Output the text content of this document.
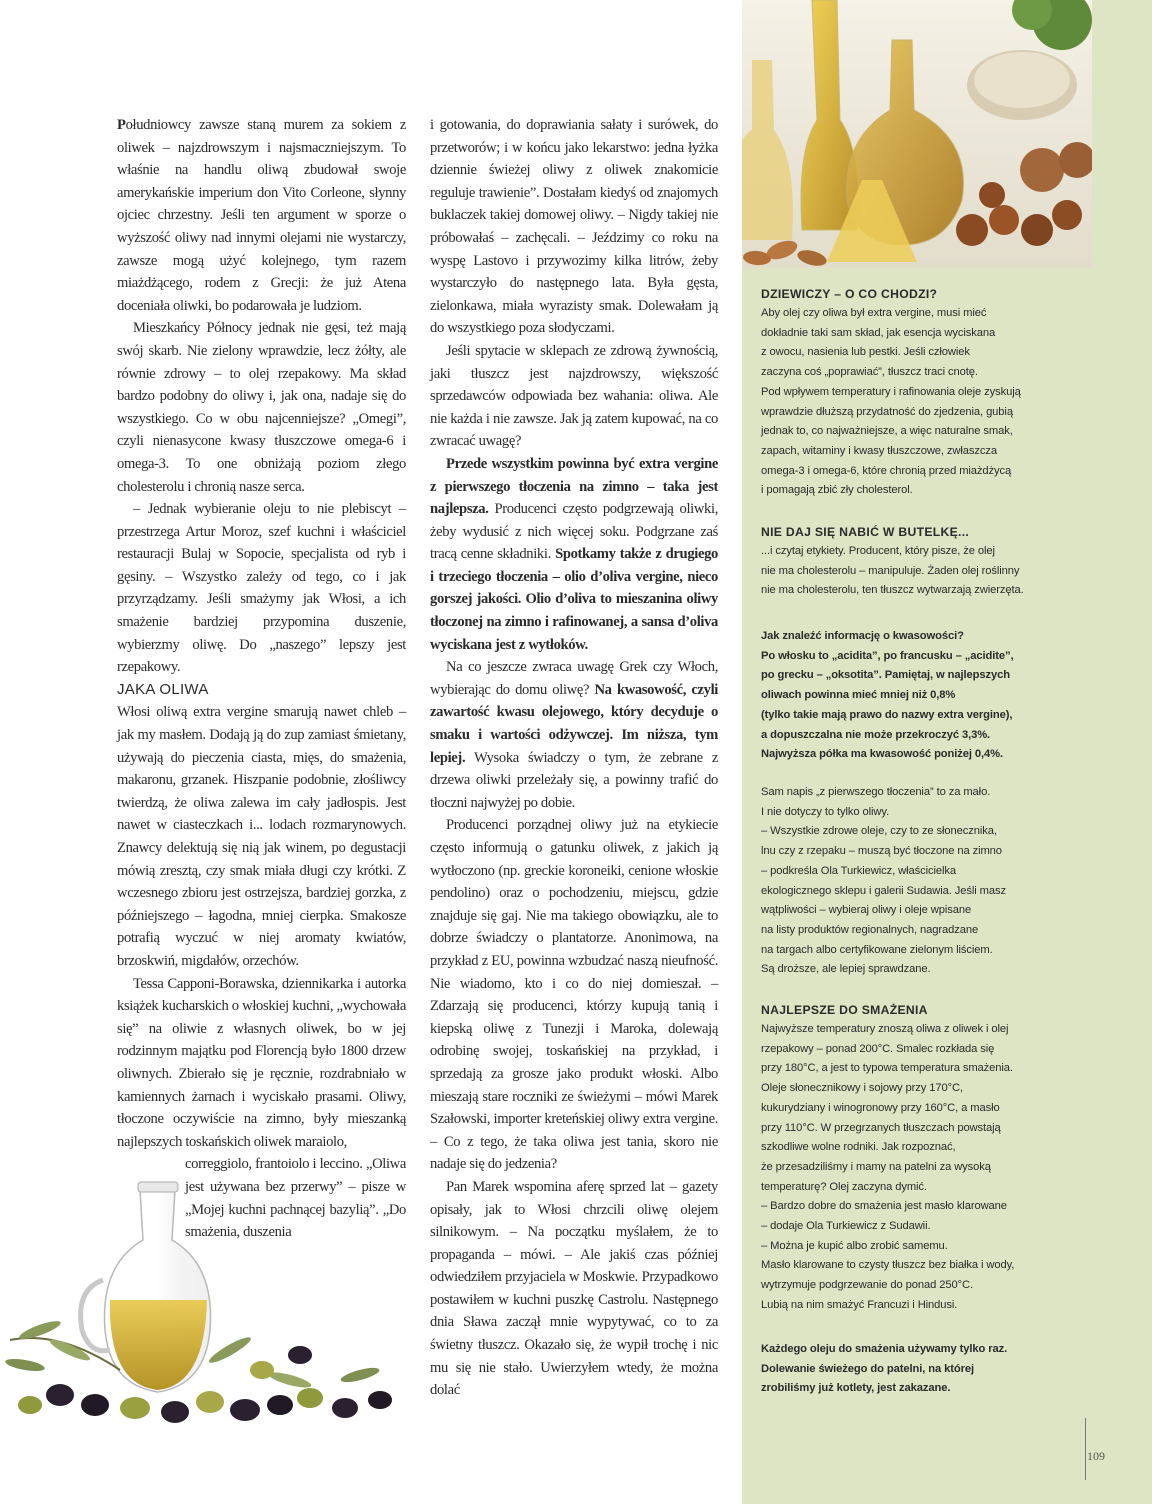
Południowcy zawsze staną murem za sokiem z oliwek – najzdrowszym i najsmaczniejszym. To właśnie na handlu oliwą zbudował swoje amerykańskie imperium don Vito Corleone, słynny ojciec chrzestny. Jeśli ten argument w sporze o wyższość oliwy nad innymi olejami nie wystarczy, zawsze mogą użyć kolejnego, tym razem miażdżącego, rodem z Grecji: że już Atena doceniała oliwki, bo podarowała je ludziom.

Mieszkańcy Północy jednak nie gęsi, też mają swój skarb. Nie zielony wprawdzie, lecz żółty, ale równie zdrowy – to olej rzepakowy. Ma skład bardzo podobny do oliwy i, jak ona, nadaje się do wszystkiego. Co w obu najcenniejsze? „Omegi”, czyli nienasycone kwasy tłuszczowe omega-6 i omega-3. To one obniżają poziom złego cholesterolu i chronią nasze serca.

– Jednak wybieranie oleju to nie plebiscyt – przestrzega Artur Moroz, szef kuchni i właściciel restauracji Bulaj w Sopocie, specjalista od ryb i gęsiny. – Wszystko zależy od tego, co i jak przyrządzamy. Jeśli smażymy jak Włosi, a ich smażenie bardziej przypomina duszenie, wybierzmy oliwę. Do „naszego” lepszy jest rzepakowy.

JAKA OLIWA

Włosi oliwą extra vergine smarują nawet chleb – jak my masłem. Dodają ją do zup zamiast śmietany, używają do pieczenia ciasta, mięs, do smażenia, makaronu, grzanek. Hiszpanie podobnie, złośliwcy twierdzą, że oliwa zalewa im cały jadłospis. Jest nawet w ciasteczkach i... lodach rozmarynowych. Znawcy delektują się nią jak winem, po degustacji mówią zresztą, czy smak miała długi czy krótki. Z wczesnego zbioru jest ostrzejsza, bardziej gorzka, z późniejszego – łagodna, mniej cierpka. Smakosze potrafią wyczuć w niej aromaty kwiatów, brzoskwiń, migdałów, orzechów.

Tessa Capponi-Borawska, dziennikarka i autorka książek kucharskich o włoskiej kuchni, „wychowała się” na oliwie z własnych oliwek, bo w jej rodzinnym majątku pod Florencją było 1800 drzew oliwnych. Zbierało się je ręcznie, rozdrabniało w kamiennych żarnach i wyciskało prasami. Oliwy, tłoczone oczywiście na zimno, były mieszanką najlepszych toskańskich oliwek maraiolo,

correggiolo, frantoiolo i leccino. „Oliwa jest używana bez przerwy” – pisze w „Mojej kuchni pachnącej bazylią”. „Do smażenia, duszenia

i gotowania, do doprawiania sałaty i surówek, do przetworów; i w końcu jako lekarstwo: jedna łyżka dziennie świeżej oliwy z oliwek znakomicie reguluje trawienie”. Dostałam kiedyś od znajomych buklaczek takiej domowej oliwy. – Nigdy takiej nie próbowałaś – zachęcali. – Jeździmy co roku na wyspę Lastovo i przywozimy kilka litrów, żeby wystarczyło do następnego lata. Była gęsta, zielonkawa, miała wyrazisty smak. Dolewałam ją do wszystkiego poza słodyczami.

Jeśli spytacie w sklepach ze zdrową żywnością, jaki tłuszcz jest najzdrowszy, większość sprzedawców odpowiada bez wahania: oliwa. Ale nie każda i nie zawsze. Jak ją zatem kupować, na co zwracać uwagę?

Przede wszystkim powinna być extra vergine z pierwszego tłoczenia na zimno – taka jest najlepsza. Producenci często podgrzewają oliwki, żeby wydusić z nich więcej soku. Podgrzane zaś tracą cenne składniki. Spotkamy także z drugiego i trzeciego tłoczenia – olio d’oliva vergine, nieco gorszej jakości. Olio d’oliva to mieszanina oliwy tłoczonej na zimno i rafinowanej, a sansa d’oliva wyciskana jest z wytłoków.

Na co jeszcze zwraca uwagę Grek czy Włoch, wybierając do domu oliwę? Na kwasowość, czyli zawartość kwasu olejowego, który decyduje o smaku i wartości odżywczej. Im niższa, tym lepiej. Wysoka świadczy o tym, że zebrane z drzewa oliwki przeleżały się, a powinny trafić do tłoczni najwyżej po dobie.

Producenci porządnej oliwy już na etykiecie często informują o gatunku oliwek, z jakich ją wytłoczono (np. greckie koroneiki, cenione włoskie pendolino) oraz o pochodzeniu, miejscu, gdzie znajduje się gaj. Nie ma takiego obowiązku, ale to dobrze świadczy o plantatorze. Anonimowa, na przykład z EU, powinna wzbudzać naszą nieufność. Nie wiadomo, kto i co do niej domieszał. – Zdarzają się producenci, którzy kupują tanią i kiepską oliwę z Tunezji i Maroka, dolewają odrobinę swojej, toskańskiej na przykład, i sprzedają za grosze jako produkt włoski. Albo mieszają stare roczniki ze świeżymi – mówi Marek Szałowski, importer kreteńskiej oliwy extra vergine. – Co z tego, że taka oliwa jest tania, skoro nie nadaje się do jedzenia?

Pan Marek wspomina aferę sprzed lat – gazety opisały, jak to Włosi chrzcili oliwę olejem silnikowym. – Na początku myślałem, że to propaganda – mówi. – Ale jakiś czas później odwiedziłem przyjaciela w Moskwie. Przypadkowo postawiłem w kuchni puszkę Castrolu. Następnego dnia Sława zaczął mnie wypytywać, co to za świetny tłuszcz. Okazało się, że wypił trochę i nic mu się nie stało. Uwierzyłem wtedy, że można dolać

DZIEWICZY – O CO CHODZI?

Aby olej czy oliwa był extra vergine, musi mieć

dokładnie taki sam skład, jak esencja wyciskana

z owocu, nasienia lub pestki. Jeśli człowiek

zaczyna coś „poprawiać”, tłuszcz traci cnotę.

Pod wpływem temperatury i rafinowania oleje zyskują

wprawdzie dłuższą przydatność do zjedzenia, gubią

jednak to, co najważniejsze, a więc naturalne smak,

zapach, witaminy i kwasy tłuszczowe, zwłaszcza

omega-3 i omega-6, które chronią przed miażdżycą

i pomagają zbić zły cholesterol.

NIE DAJ SIĘ NABIĆ W BUTELKĘ...

...i czytaj etykiety. Producent, który pisze, że olej

nie ma cholesterolu – manipuluje. Żaden olej roślinny

nie ma cholesterolu, ten tłuszcz wytwarzają zwierzęta.

Jak znaleźć informację o kwasowości?

Po włosku to „acidita”, po francusku – „acidite”,

po grecku – „oksotita”. Pamiętaj, w najlepszych

oliwach powinna mieć mniej niż 0,8%

(tylko takie mają prawo do nazwy extra vergine),

a dopuszczalna nie może przekroczyć 3,3%.

Najwyższa półka ma kwasowość poniżej 0,4%.

Sam napis „z pierwszego tłoczenia” to za mało.

I nie dotyczy to tylko oliwy.

– Wszystkie zdrowe oleje, czy to ze słonecznika,

lnu czy z rzepaku – muszą być tłoczone na zimno

– podkreśla Ola Turkiewicz, właścicielka

ekologicznego sklepu i galerii Sudawia. Jeśli masz

wątpliwości – wybieraj oliwy i oleje wpisane

na listy produktów regionalnych, nagradzane

na targach albo certyfikowane zielonym liściem.

Są droższe, ale lepiej sprawdzane.

NAJLEPSZE DO SMAŻENIA

Najwyższe temperatury znoszą oliwa z oliwek i olej

rzepakowy – ponad 200°C. Smalec rozkłada się

przy 180°C, a jest to typowa temperatura smażenia.

Oleje słonecznikowy i sojowy przy 170°C,

kukurydziany i winogronowy przy 160°C, a masło

przy 110°C. W przegrzanych tłuszczach powstają

szkodliwe wolne rodniki. Jak rozpoznać,

że przesadziliśmy i mamy na patelni za wysoką

temperaturę? Olej zaczyna dymić.

– Bardzo dobre do smażenia jest masło klarowane

– dodaje Ola Turkiewicz z Sudawii.

– Można je kupić albo zrobić samemu.

Masło klarowane to czysty tłuszcz bez białka i wody,

wytrzymuje podgrzewanie do ponad 250°C.

Lubią na nim smażyć Francuzi i Hindusi.

Każdego oleju do smażenia używamy tylko raz.

Dolewanie świeżego do patelni, na której

zrobiliśmy już kotlety, jest zakazane.

109
